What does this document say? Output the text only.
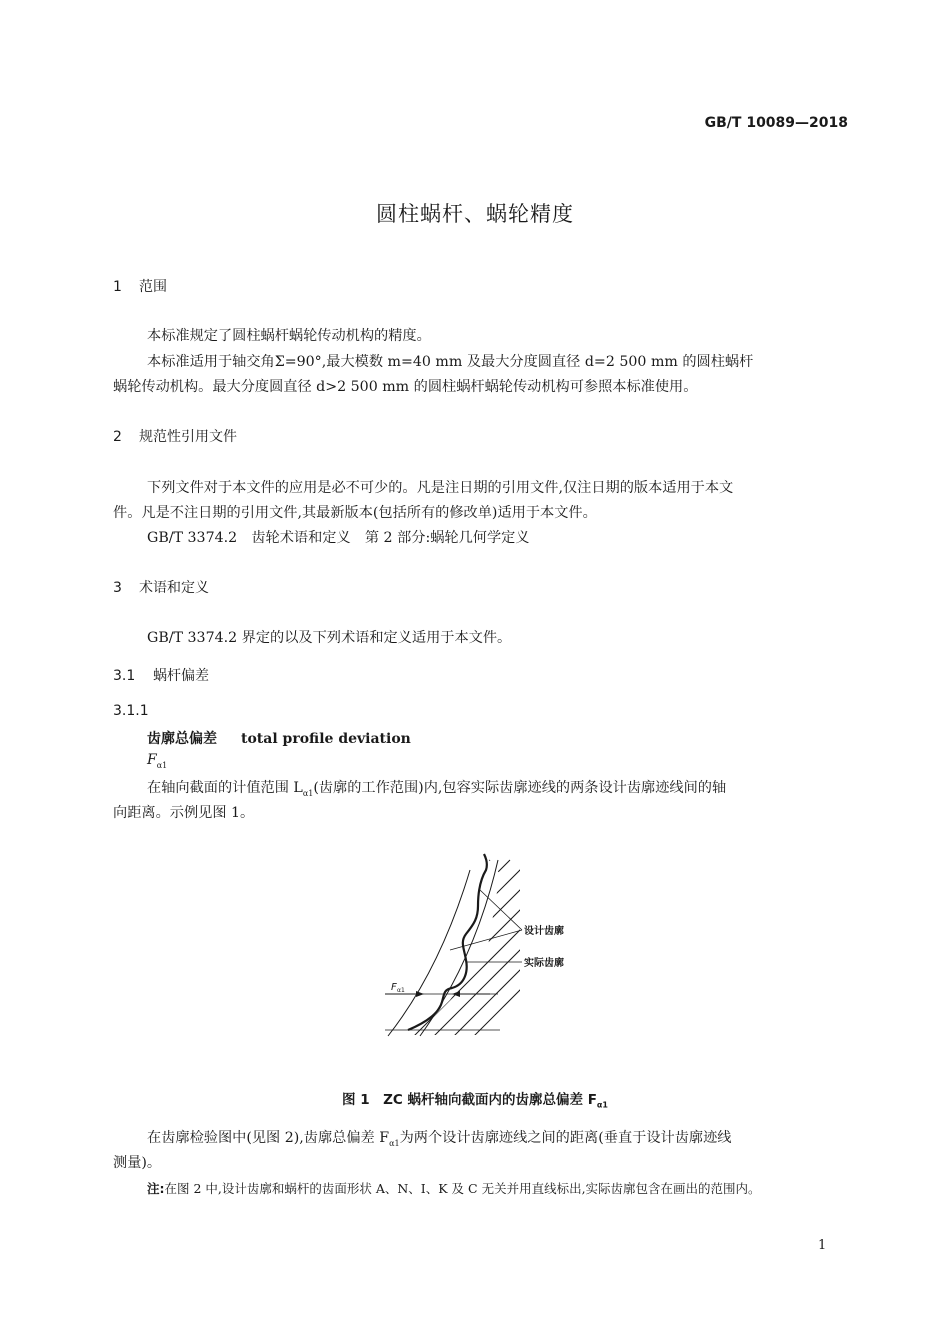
GB/T 10089—2018
圆柱蜗杆、蜗轮精度
1 范围
本标准规定了圆柱蜗杆蜗轮传动机构的精度。
本标准适用于轴交角Σ=90°,最大模数 m=40 mm 及最大分度圆直径 d=2 500 mm 的圆柱蜗杆
蜗轮传动机构。最大分度圆直径 d>2 500 mm 的圆柱蜗杆蜗轮传动机构可参照本标准使用。
2 规范性引用文件
下列文件对于本文件的应用是必不可少的。凡是注日期的引用文件,仅注日期的版本适用于本文
件。凡是不注日期的引用文件,其最新版本(包括所有的修改单)适用于本文件。
GB/T 3374.2　齿轮术语和定义　第 2 部分:蜗轮几何学定义
3 术语和定义
GB/T 3374.2 界定的以及下列术语和定义适用于本文件。
3.1 蜗杆偏差
3.1.1
齿廓总偏差 total profile deviation
$F_{\alpha 1}$
在轴向截面的计值范围 $L_{\alpha 1}$(齿廓的工作范围)内,包容实际齿廓迹线的两条设计齿廓迹线间的轴
向距离。示例见图 1。
设计齿廓
实际齿廓
F α1
图 1　ZC 蜗杆轴向截面内的齿廓总偏差 $F_{\alpha 1}$
在齿廓检验图中(见图 2),齿廓总偏差 $F_{\alpha 1}$为两个设计齿廓迹线之间的距离(垂直于设计齿廓迹线
测量)。
注:在图 2 中,设计齿廓和蜗杆的齿面形状 A、N、I、K 及 C 无关并用直线标出,实际齿廓包含在画出的范围内。
1
